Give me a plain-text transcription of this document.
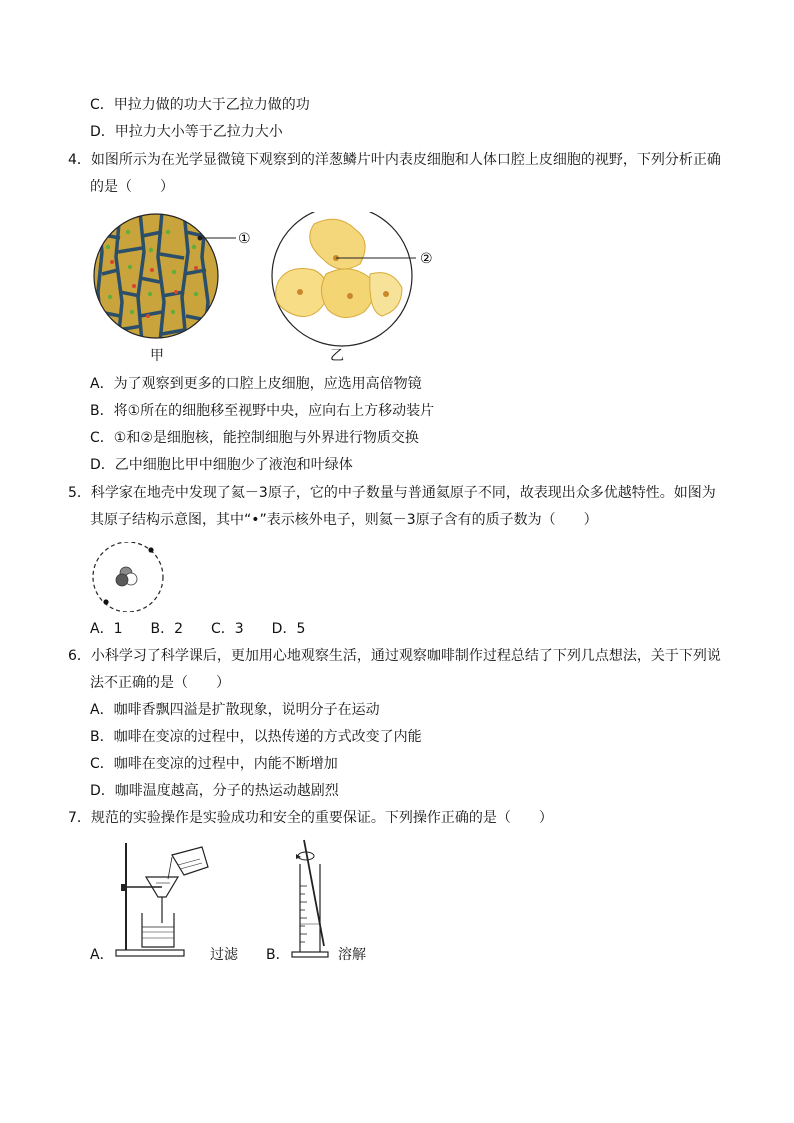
C．甲拉力做的功大于乙拉力做的功
D．甲拉力大小等于乙拉力大小
4．如图所示为在光学显微镜下观察到的洋葱鳞片叶内表皮细胞和人体口腔上皮细胞的视野，下列分析正确
的是（　　）
①
②
甲	乙
A．为了观察到更多的口腔上皮细胞，应选用高倍物镜
B．将①所在的细胞移至视野中央，应向右上方移动装片
C．①和②是细胞核，能控制细胞与外界进行物质交换
D．乙中细胞比甲中细胞少了液泡和叶绿体
5．科学家在地壳中发现了氦－3原子，它的中子数量与普通氦原子不同，故表现出众多优越特性。如图为
其原子结构示意图，其中“•”表示核外电子，则氦－3原子含有的质子数为（　　）
A．1　　B．2　　C．3　　D．5
6．小科学习了科学课后，更加用心地观察生活，通过观察咖啡制作过程总结了下列几点想法，关于下列说
法不正确的是（　　）
A．咖啡香飘四溢是扩散现象，说明分子在运动
B．咖啡在变凉的过程中，以热传递的方式改变了内能
C．咖啡在变凉的过程中，内能不断增加
D．咖啡温度越高，分子的热运动越剧烈
7．规范的实验操作是实验成功和安全的重要保证。下列操作正确的是（　　）
A．	过滤 B．	溶解
